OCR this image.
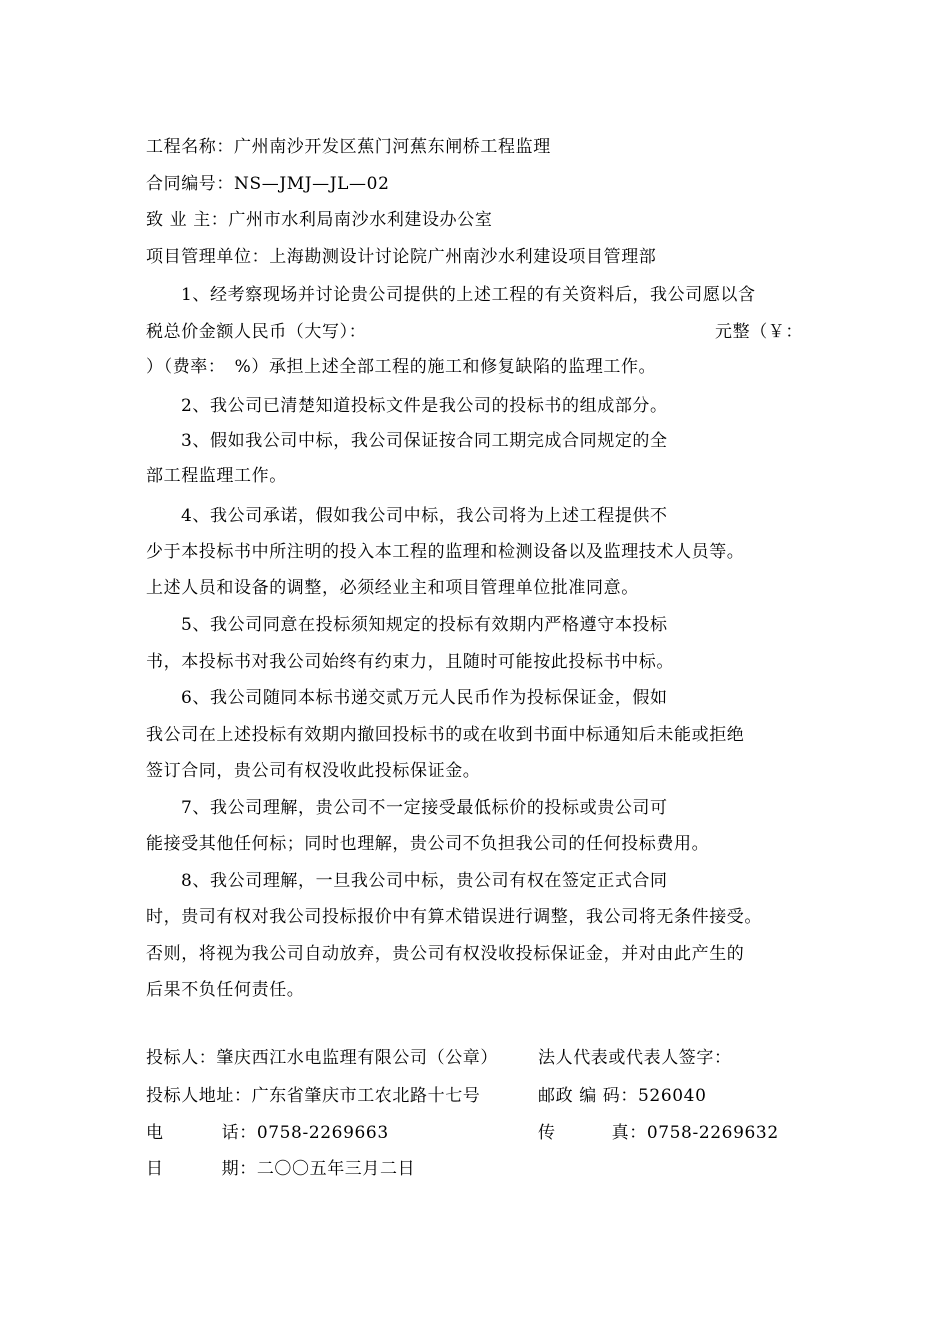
工程名称：广州南沙开发区蕉门河蕉东闸桥工程监理
合同编号：NS—JMJ—JL—02
致 业 主：广州市水利局南沙水利建设办公室
项目管理单位：上海勘测设计讨论院广州南沙水利建设项目管理部
1、经考察现场并讨论贵公司提供的上述工程的有关资料后，我公司愿以含
税总价金额人民币（大写）：	元整（￥：
）（费率：　%）承担上述全部工程的施工和修复缺陷的监理工作。
2、我公司已清楚知道投标文件是我公司的投标书的组成部分。
3、假如我公司中标，我公司保证按合同工期完成合同规定的全
部工程监理工作。
4、我公司承诺，假如我公司中标，我公司将为上述工程提供不
少于本投标书中所注明的投入本工程的监理和检测设备以及监理技术人员等。
上述人员和设备的调整，必须经业主和项目管理单位批准同意。
5、我公司同意在投标须知规定的投标有效期内严格遵守本投标
书，本投标书对我公司始终有约束力，且随时可能按此投标书中标。
6、我公司随同本标书递交贰万元人民币作为投标保证金，假如
我公司在上述投标有效期内撤回投标书的或在收到书面中标通知后未能或拒绝
签订合同，贵公司有权没收此投标保证金。
7、我公司理解，贵公司不一定接受最低标价的投标或贵公司可
能接受其他任何标；同时也理解，贵公司不负担我公司的任何投标费用。
8、我公司理解，一旦我公司中标，贵公司有权在签定正式合同
时，贵司有权对我公司投标报价中有算术错误进行调整，我公司将无条件接受。
否则，将视为我公司自动放弃，贵公司有权没收投标保证金，并对由此产生的
后果不负任何责任。
投标人：肇庆西江水电监理有限公司（公章） 法人代表或代表人签字：
投标人地址：广东省肇庆市工农北路十七号	邮政 编 码：526040
电	话：0758-2269663	传	真：0758-2269632
日	期：二〇〇五年三月二日
